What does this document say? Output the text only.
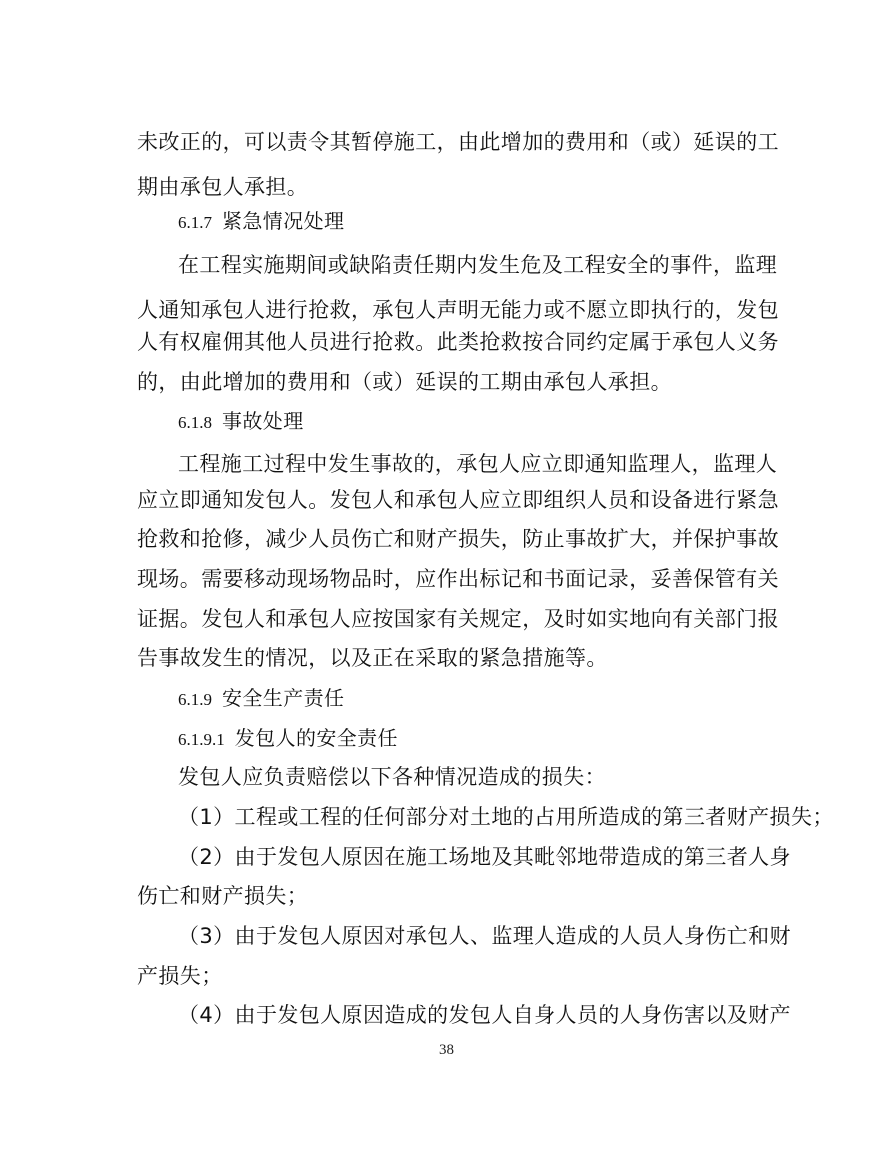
未改正的，可以责令其暂停施工，由此增加的费用和（或）延误的工
期由承包人承担。
6.1.7 紧急情况处理
在工程实施期间或缺陷责任期内发生危及工程安全的事件，监理
人通知承包人进行抢救，承包人声明无能力或不愿立即执行的，发包
人有权雇佣其他人员进行抢救。此类抢救按合同约定属于承包人义务
的，由此增加的费用和（或）延误的工期由承包人承担。
6.1.8 事故处理
工程施工过程中发生事故的，承包人应立即通知监理人，监理人
应立即通知发包人。发包人和承包人应立即组织人员和设备进行紧急
抢救和抢修，减少人员伤亡和财产损失，防止事故扩大，并保护事故
现场。需要移动现场物品时，应作出标记和书面记录，妥善保管有关
证据。发包人和承包人应按国家有关规定，及时如实地向有关部门报
告事故发生的情况，以及正在采取的紧急措施等。
6.1.9 安全生产责任
6.1.9.1 发包人的安全责任
发包人应负责赔偿以下各种情况造成的损失：
（1）工程或工程的任何部分对土地的占用所造成的第三者财产损失；
（2）由于发包人原因在施工场地及其毗邻地带造成的第三者人身
伤亡和财产损失；
（3）由于发包人原因对承包人、监理人造成的人员人身伤亡和财
产损失；
（4）由于发包人原因造成的发包人自身人员的人身伤害以及财产
38
